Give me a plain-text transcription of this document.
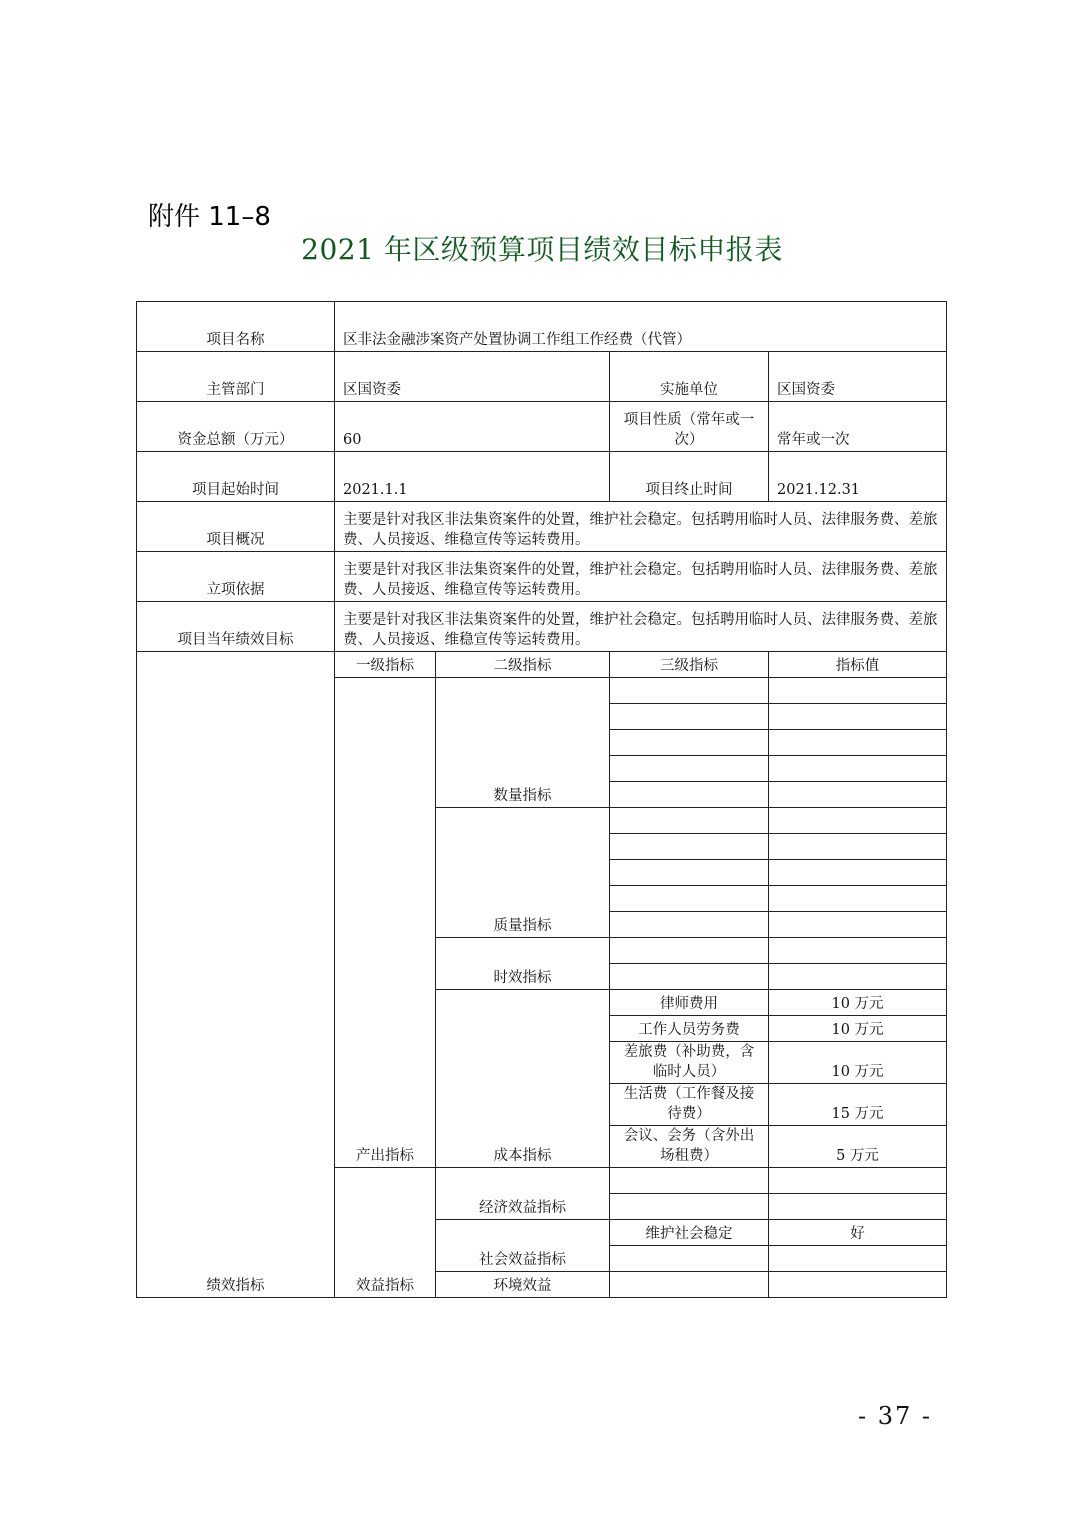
附件 11–8
2021 年区级预算项目绩效目标申报表
项目名称	区非法金融涉案资产处置协调工作组工作经费（代管）			
主管部门	区国资委		实施单位	区国资委
资金总额（万元）	60		项目性质（常年或一次）	常年或一次
项目起始时间	2021.1.1		项目终止时间	2021.12.31
项目概况	主要是针对我区非法集资案件的处置，维护社会稳定。包括聘用临时人员、法律服务费、差旅费、人员接返、维稳宣传等运转费用。			
立项依据	主要是针对我区非法集资案件的处置，维护社会稳定。包括聘用临时人员、法律服务费、差旅费、人员接返、维稳宣传等运转费用。			
项目当年绩效目标	主要是针对我区非法集资案件的处置，维护社会稳定。包括聘用临时人员、法律服务费、差旅费、人员接返、维稳宣传等运转费用。			
绩效指标	一级指标	二级指标	三级指标	指标值
	产出指标	数量指标		

		质量指标		

		时效指标		

		成本指标	律师费用	10 万元
			工作人员劳务费	10 万元
			差旅费（补助费，含临时人员）	10 万元
			生活费（工作餐及接待费）	15 万元
			会议、会务（含外出场租费）	5 万元
	效益指标	经济效益指标		

		社会效益指标	维护社会稳定	好

		环境效益		
- 37 -
